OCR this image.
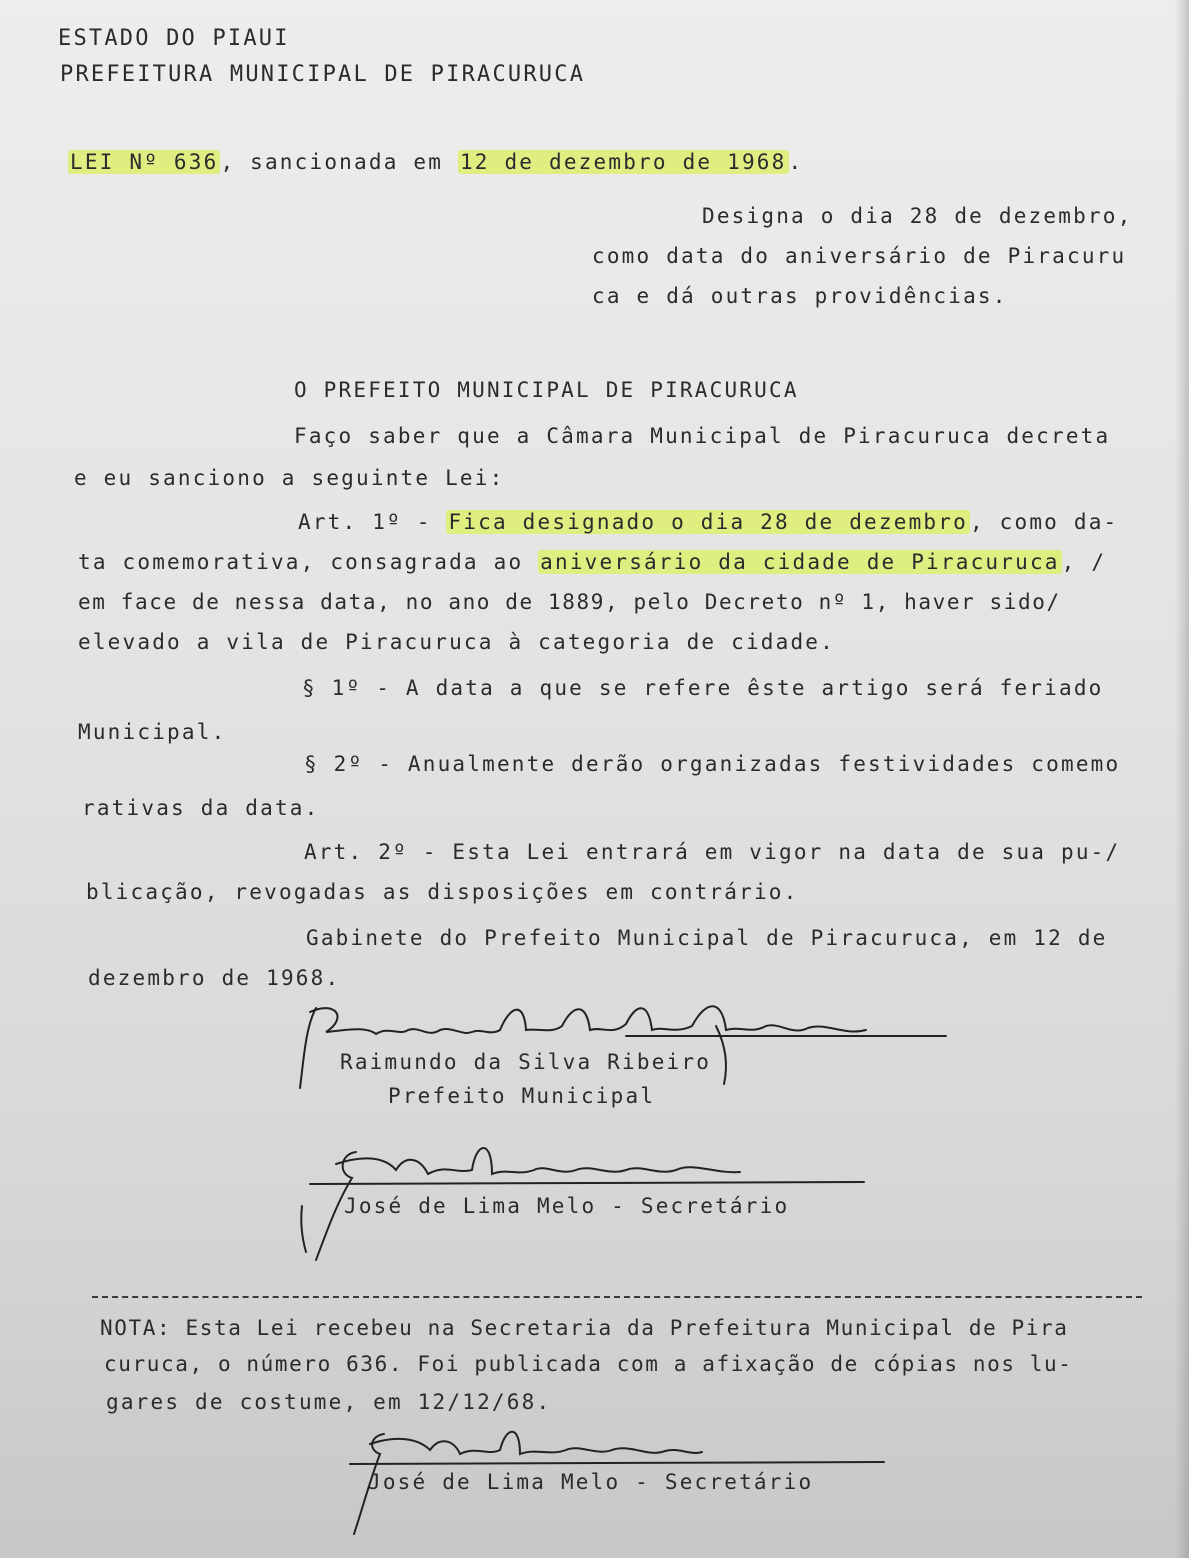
ESTADO DO PIAUI
PREFEITURA MUNICIPAL DE PIRACURUCA
LEI Nº 636, sancionada em 12 de dezembro de 1968.
Designa o dia 28 de dezembro,
como data do aniversário de Piracuru
ca e dá outras providências.
O PREFEITO MUNICIPAL DE PIRACURUCA
Faço saber que a Câmara Municipal de Piracuruca decreta
e eu sanciono a seguinte Lei:
Art. 1º - Fica designado o dia 28 de dezembro, como da-
ta comemorativa, consagrada ao aniversário da cidade de Piracuruca, /
em face de nessa data, no ano de 1889, pelo Decreto nº 1, haver sido/
elevado a vila de Piracuruca à categoria de cidade.
§ 1º - A data a que se refere êste artigo será feriado
Municipal.
§ 2º - Anualmente derão organizadas festividades comemo
rativas da data.
Art. 2º - Esta Lei entrará em vigor na data de sua pu-/
blicação, revogadas as disposições em contrário.
Gabinete do Prefeito Municipal de Piracuruca, em 12 de
dezembro de 1968.
Raimundo da Silva Ribeiro
Prefeito Municipal
José de Lima Melo - Secretário
NOTA: Esta Lei recebeu na Secretaria da Prefeitura Municipal de Pira
curuca, o número 636. Foi publicada com a afixação de cópias nos lu-
gares de costume, em 12/12/68.
José de Lima Melo - Secretário
